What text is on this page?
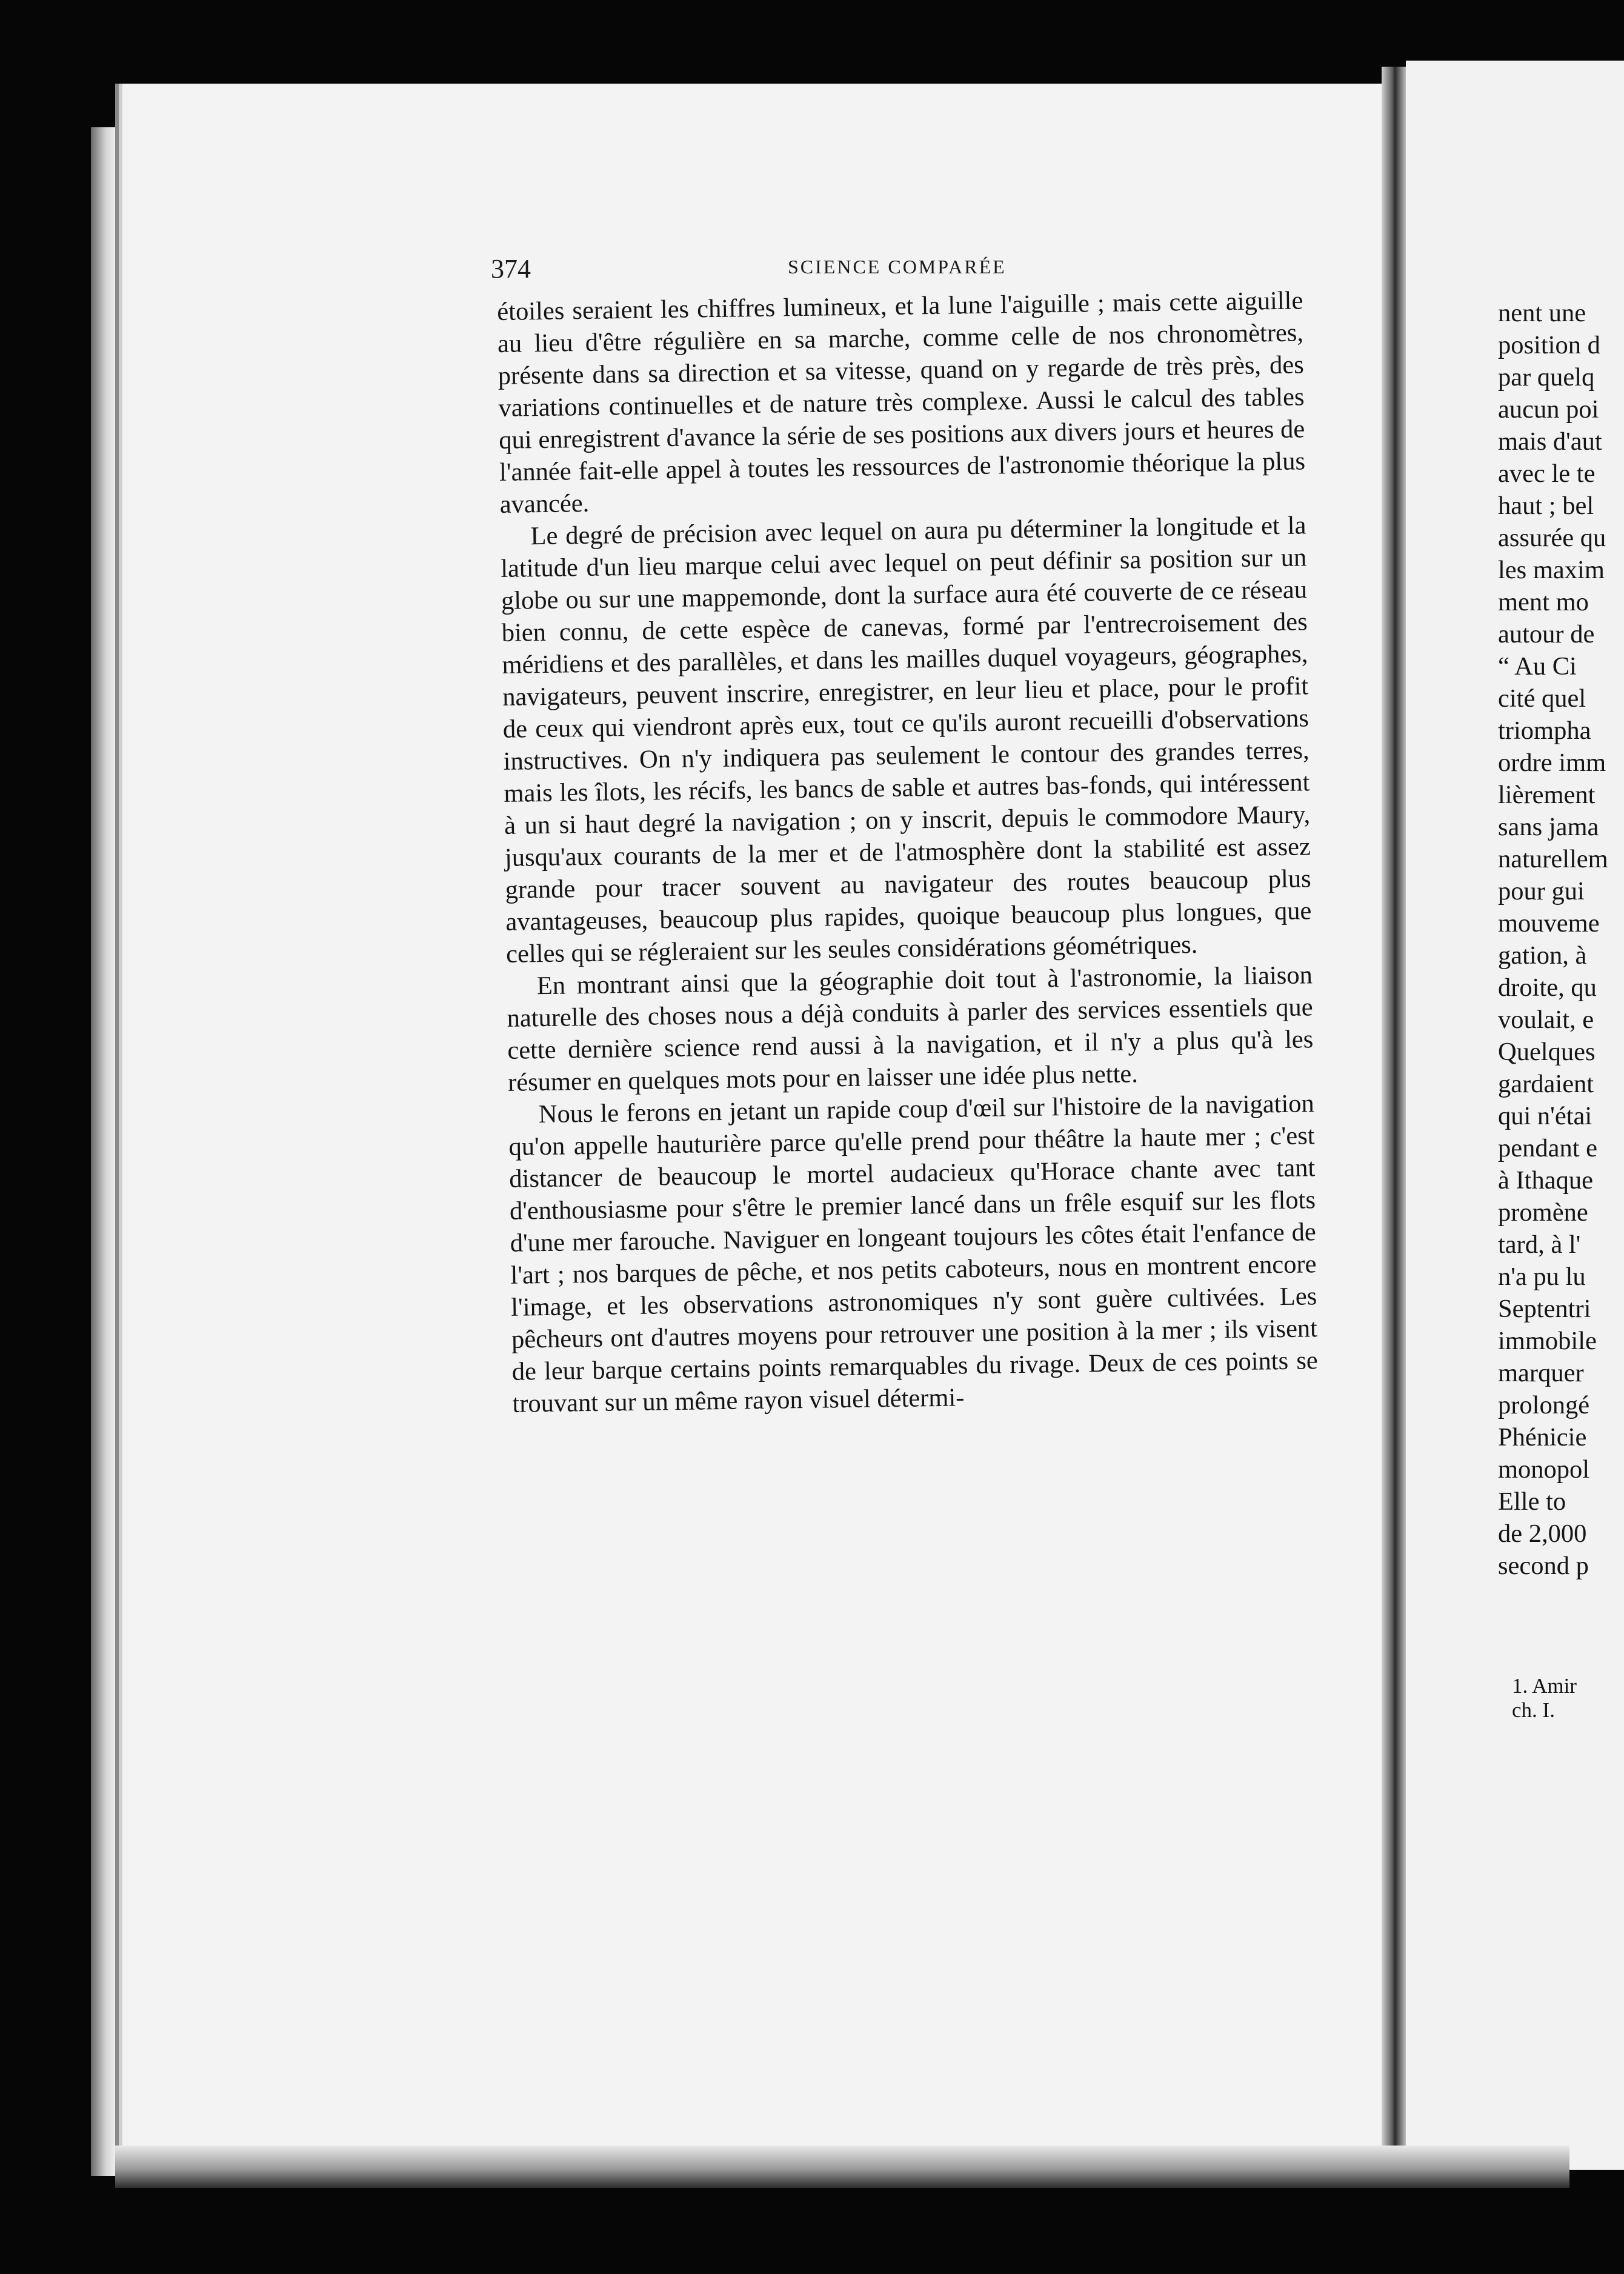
374	SCIENCE COMPARÉE

étoiles seraient les chiffres lumineux, et la lune l'aiguille ; mais cette aiguille au lieu d'être régulière en sa marche, comme celle de nos chronomètres, présente dans sa direction et sa vitesse, quand on y regarde de très près, des variations continuelles et de nature très complexe. Aussi le calcul des tables qui enregistrent d'avance la série de ses positions aux divers jours et heures de l'année fait-elle appel à toutes les ressources de l'astronomie théorique la plus avancée.

Le degré de précision avec lequel on aura pu déterminer la longitude et la latitude d'un lieu marque celui avec lequel on peut définir sa position sur un globe ou sur une mappemonde, dont la surface aura été couverte de ce réseau bien connu, de cette espèce de canevas, formé par l'entrecroisement des méridiens et des parallèles, et dans les mailles duquel voyageurs, géographes, navigateurs, peuvent inscrire, enregistrer, en leur lieu et place, pour le profit de ceux qui viendront après eux, tout ce qu'ils auront recueilli d'observations instructives. On n'y indiquera pas seulement le contour des grandes terres, mais les îlots, les récifs, les bancs de sable et autres bas-fonds, qui intéressent à un si haut degré la navigation ; on y inscrit, depuis le commodore Maury, jusqu'aux courants de la mer et de l'atmosphère dont la stabilité est assez grande pour tracer souvent au navigateur des routes beaucoup plus avantageuses, beaucoup plus rapides, quoique beaucoup plus longues, que celles qui se régleraient sur les seules considérations géométriques.

En montrant ainsi que la géographie doit tout à l'astronomie, la liaison naturelle des choses nous a déjà conduits à parler des services essentiels que cette dernière science rend aussi à la navigation, et il n'y a plus qu'à les résumer en quelques mots pour en laisser une idée plus nette.

Nous le ferons en jetant un rapide coup d'œil sur l'histoire de la navigation qu'on appelle hauturière parce qu'elle prend pour théâtre la haute mer ; c'est distancer de beaucoup le mortel audacieux qu'Horace chante avec tant d'enthousiasme pour s'être le premier lancé dans un frêle esquif sur les flots d'une mer farouche. Naviguer en longeant toujours les côtes était l'enfance de l'art ; nos barques de pêche, et nos petits caboteurs, nous en montrent encore l'image, et les observations astronomiques n'y sont guère cultivées. Les pêcheurs ont d'autres moyens pour retrouver une position à la mer ; ils visent de leur barque certains points remarquables du rivage. Deux de ces points se trouvant sur un même rayon visuel détermi-

nent une
position d
par quelq
aucun poi
mais d'aut
avec le te
haut ; bel
assurée qu
les maxim
ment mo
autour de
“ Au Ci
cité quel
triompha
ordre imm
lièrement
sans jama
naturellem
pour gui
mouveme
gation, à
droite, qu
voulait, e
Quelques
gardaient
qui n'étai
pendant e
à Ithaque
promène
tard, à l'
n'a pu lu
Septentri
immobile
marquer
prolongé
Phénicie
monopol
Elle to
de 2,000
second p
1. Amir
ch. I.
